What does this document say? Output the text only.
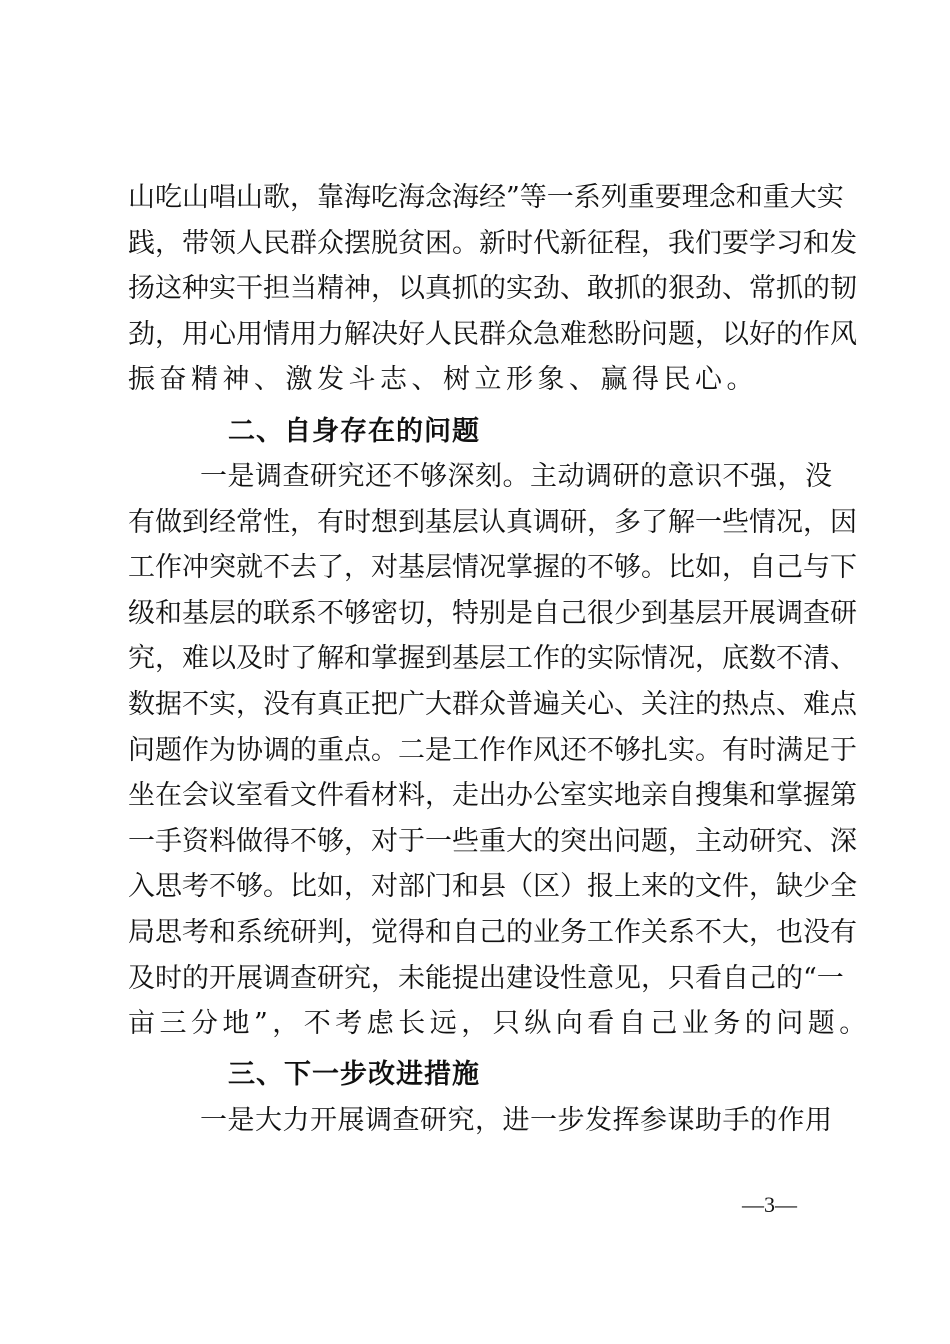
山吃山唱山歌，靠海吃海念海经”等一系列重要理念和重大实
践，带领人民群众摆脱贫困。新时代新征程，我们要学习和发
扬这种实干担当精神，以真抓的实劲、敢抓的狠劲、常抓的韧
劲，用心用情用力解决好人民群众急难愁盼问题，以好的作风
振奋精神、激发斗志、树立形象、赢得民心。
二、自身存在的问题
一是调查研究还不够深刻。主动调研的意识不强，没
有做到经常性，有时想到基层认真调研，多了解一些情况，因
工作冲突就不去了，对基层情况掌握的不够。比如，自己与下
级和基层的联系不够密切，特别是自己很少到基层开展调查研
究，难以及时了解和掌握到基层工作的实际情况，底数不清、
数据不实，没有真正把广大群众普遍关心、关注的热点、难点
问题作为协调的重点。二是工作作风还不够扎实。有时满足于
坐在会议室看文件看材料，走出办公室实地亲自搜集和掌握第
一手资料做得不够，对于一些重大的突出问题，主动研究、深
入思考不够。比如，对部门和县（区）报上来的文件，缺少全
局思考和系统研判，觉得和自己的业务工作关系不大，也没有
及时的开展调查研究，未能提出建设性意见，只看自己的“一
亩三分地”，不考虑长远，只纵向看自己业务的问题。
三、下一步改进措施
一是大力开展调查研究，进一步发挥参谋助手的作用
—3—
